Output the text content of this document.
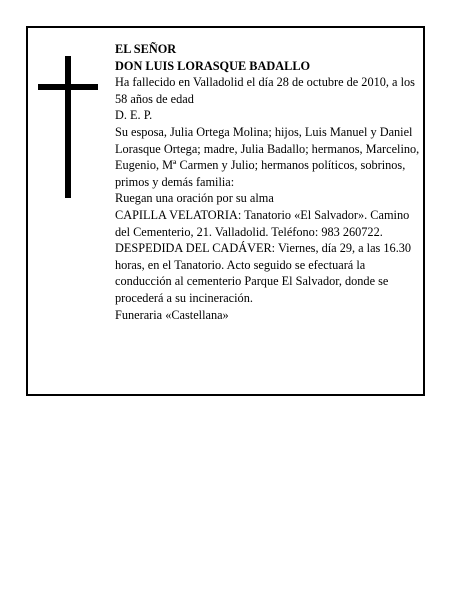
EL SEÑOR

DON LUIS LORASQUE BADALLO

Ha fallecido en Valladolid el día 28 de octubre de 2010, a los 58 años de edad

D. E. P.

Su esposa, Julia Ortega Molina; hijos, Luis Manuel y Daniel Lorasque Ortega; madre, Julia Badallo; hermanos, Marcelino, Eugenio, Mª Carmen y Julio; hermanos políticos, sobrinos, primos y demás familia:

Ruegan una oración por su alma

CAPILLA VELATORIA: Tanatorio «El Salvador». Camino del Cementerio, 21. Valladolid. Teléfono: 983 260722.

DESPEDIDA DEL CADÁVER: Viernes, día 29, a las 16.30 horas, en el Tanatorio. Acto seguido se efectuará la conducción al cementerio Parque El Salvador, donde se procederá a su incineración.

Funeraria «Castellana»
